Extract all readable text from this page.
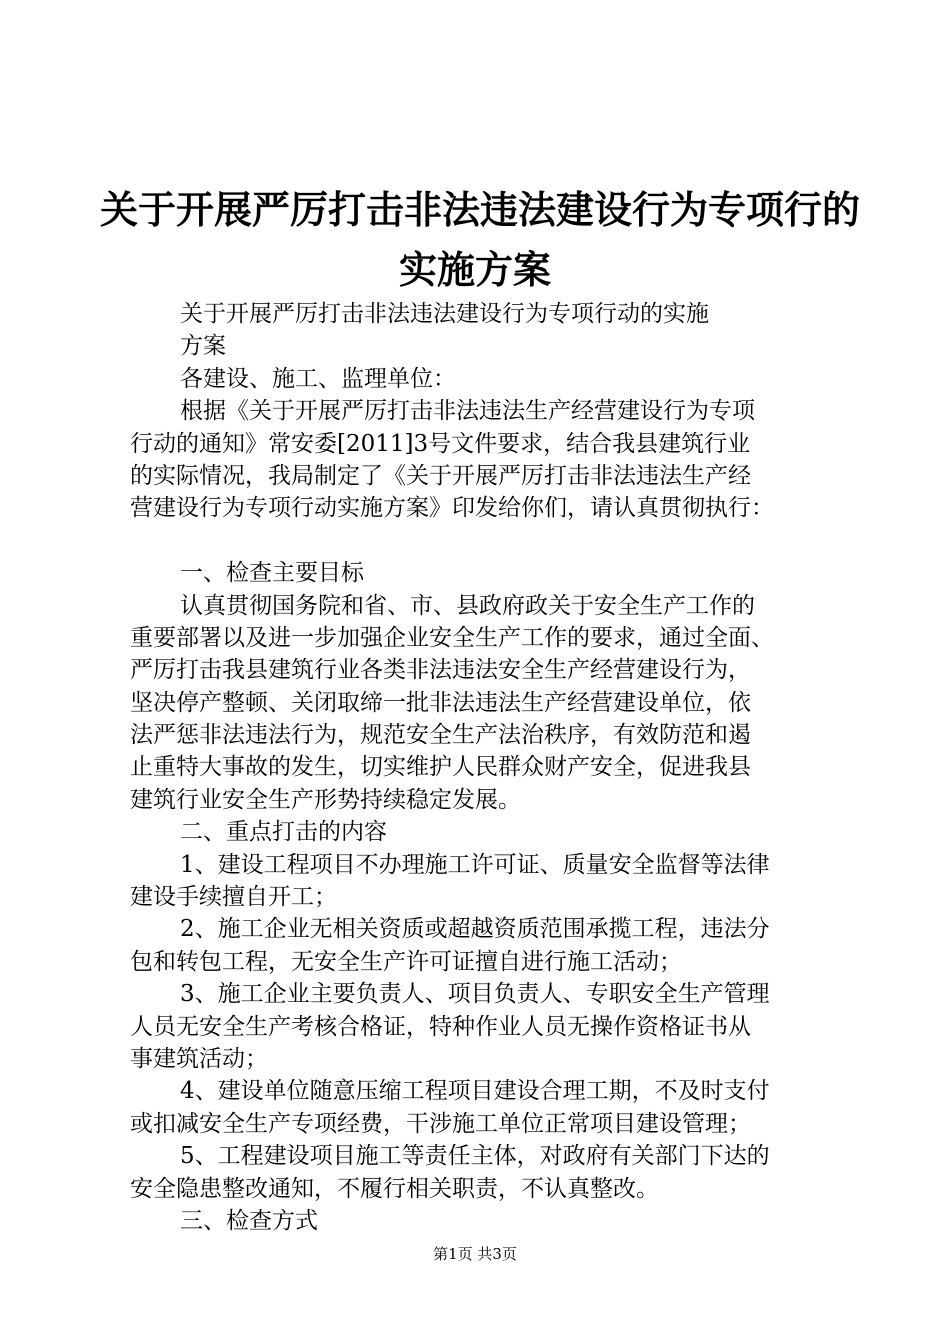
关于开展严厉打击非法违法建设行为专项行的
实施方案
关于开展严厉打击非法违法建设行为专项行动的实施
方案
各建设、施工、监理单位：
根据《关于开展严厉打击非法违法生产经营建设行为专项
行动的通知》常安委[2011]3号文件要求，结合我县建筑行业
的实际情况，我局制定了《关于开展严厉打击非法违法生产经
营建设行为专项行动实施方案》印发给你们，请认真贯彻执行：
一、检查主要目标
认真贯彻国务院和省、市、县政府政关于安全生产工作的
重要部署以及进一步加强企业安全生产工作的要求，通过全面、
严厉打击我县建筑行业各类非法违法安全生产经营建设行为，
坚决停产整顿、关闭取缔一批非法违法生产经营建设单位，依
法严惩非法违法行为，规范安全生产法治秩序，有效防范和遏
止重特大事故的发生，切实维护人民群众财产安全，促进我县
建筑行业安全生产形势持续稳定发展。
二、重点打击的内容
1、建设工程项目不办理施工许可证、质量安全监督等法律
建设手续擅自开工；
2、施工企业无相关资质或超越资质范围承揽工程，违法分
包和转包工程，无安全生产许可证擅自进行施工活动；
3、施工企业主要负责人、项目负责人、专职安全生产管理
人员无安全生产考核合格证，特种作业人员无操作资格证书从
事建筑活动；
4、建设单位随意压缩工程项目建设合理工期，不及时支付
或扣减安全生产专项经费，干涉施工单位正常项目建设管理；
5、工程建设项目施工等责任主体，对政府有关部门下达的
安全隐患整改通知，不履行相关职责，不认真整改。
三、检查方式
第1页 共3页
